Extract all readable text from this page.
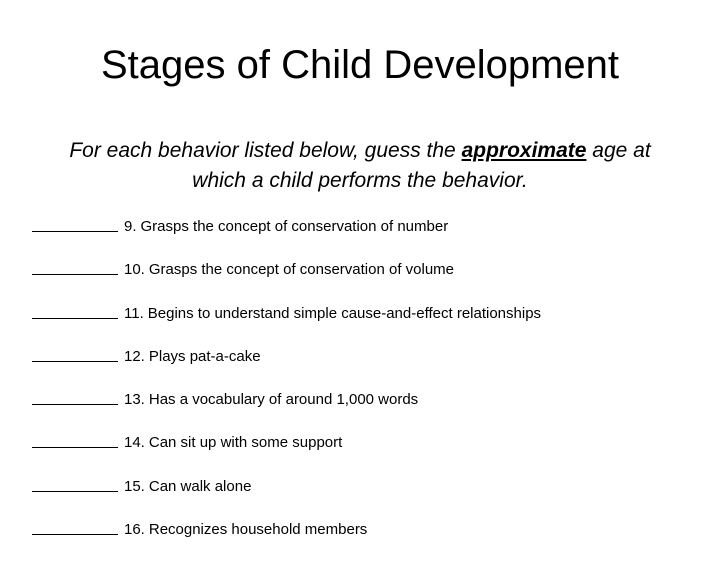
Stages of Child Development
For each behavior listed below, guess the approximate age at which a child performs the behavior.
9. Grasps the concept of conservation of number
10. Grasps the concept of conservation of volume
11. Begins to understand simple cause-and-effect relationships
12. Plays pat-a-cake
13. Has a vocabulary of around 1,000 words
14. Can sit up with some support
15. Can walk alone
16. Recognizes household members
